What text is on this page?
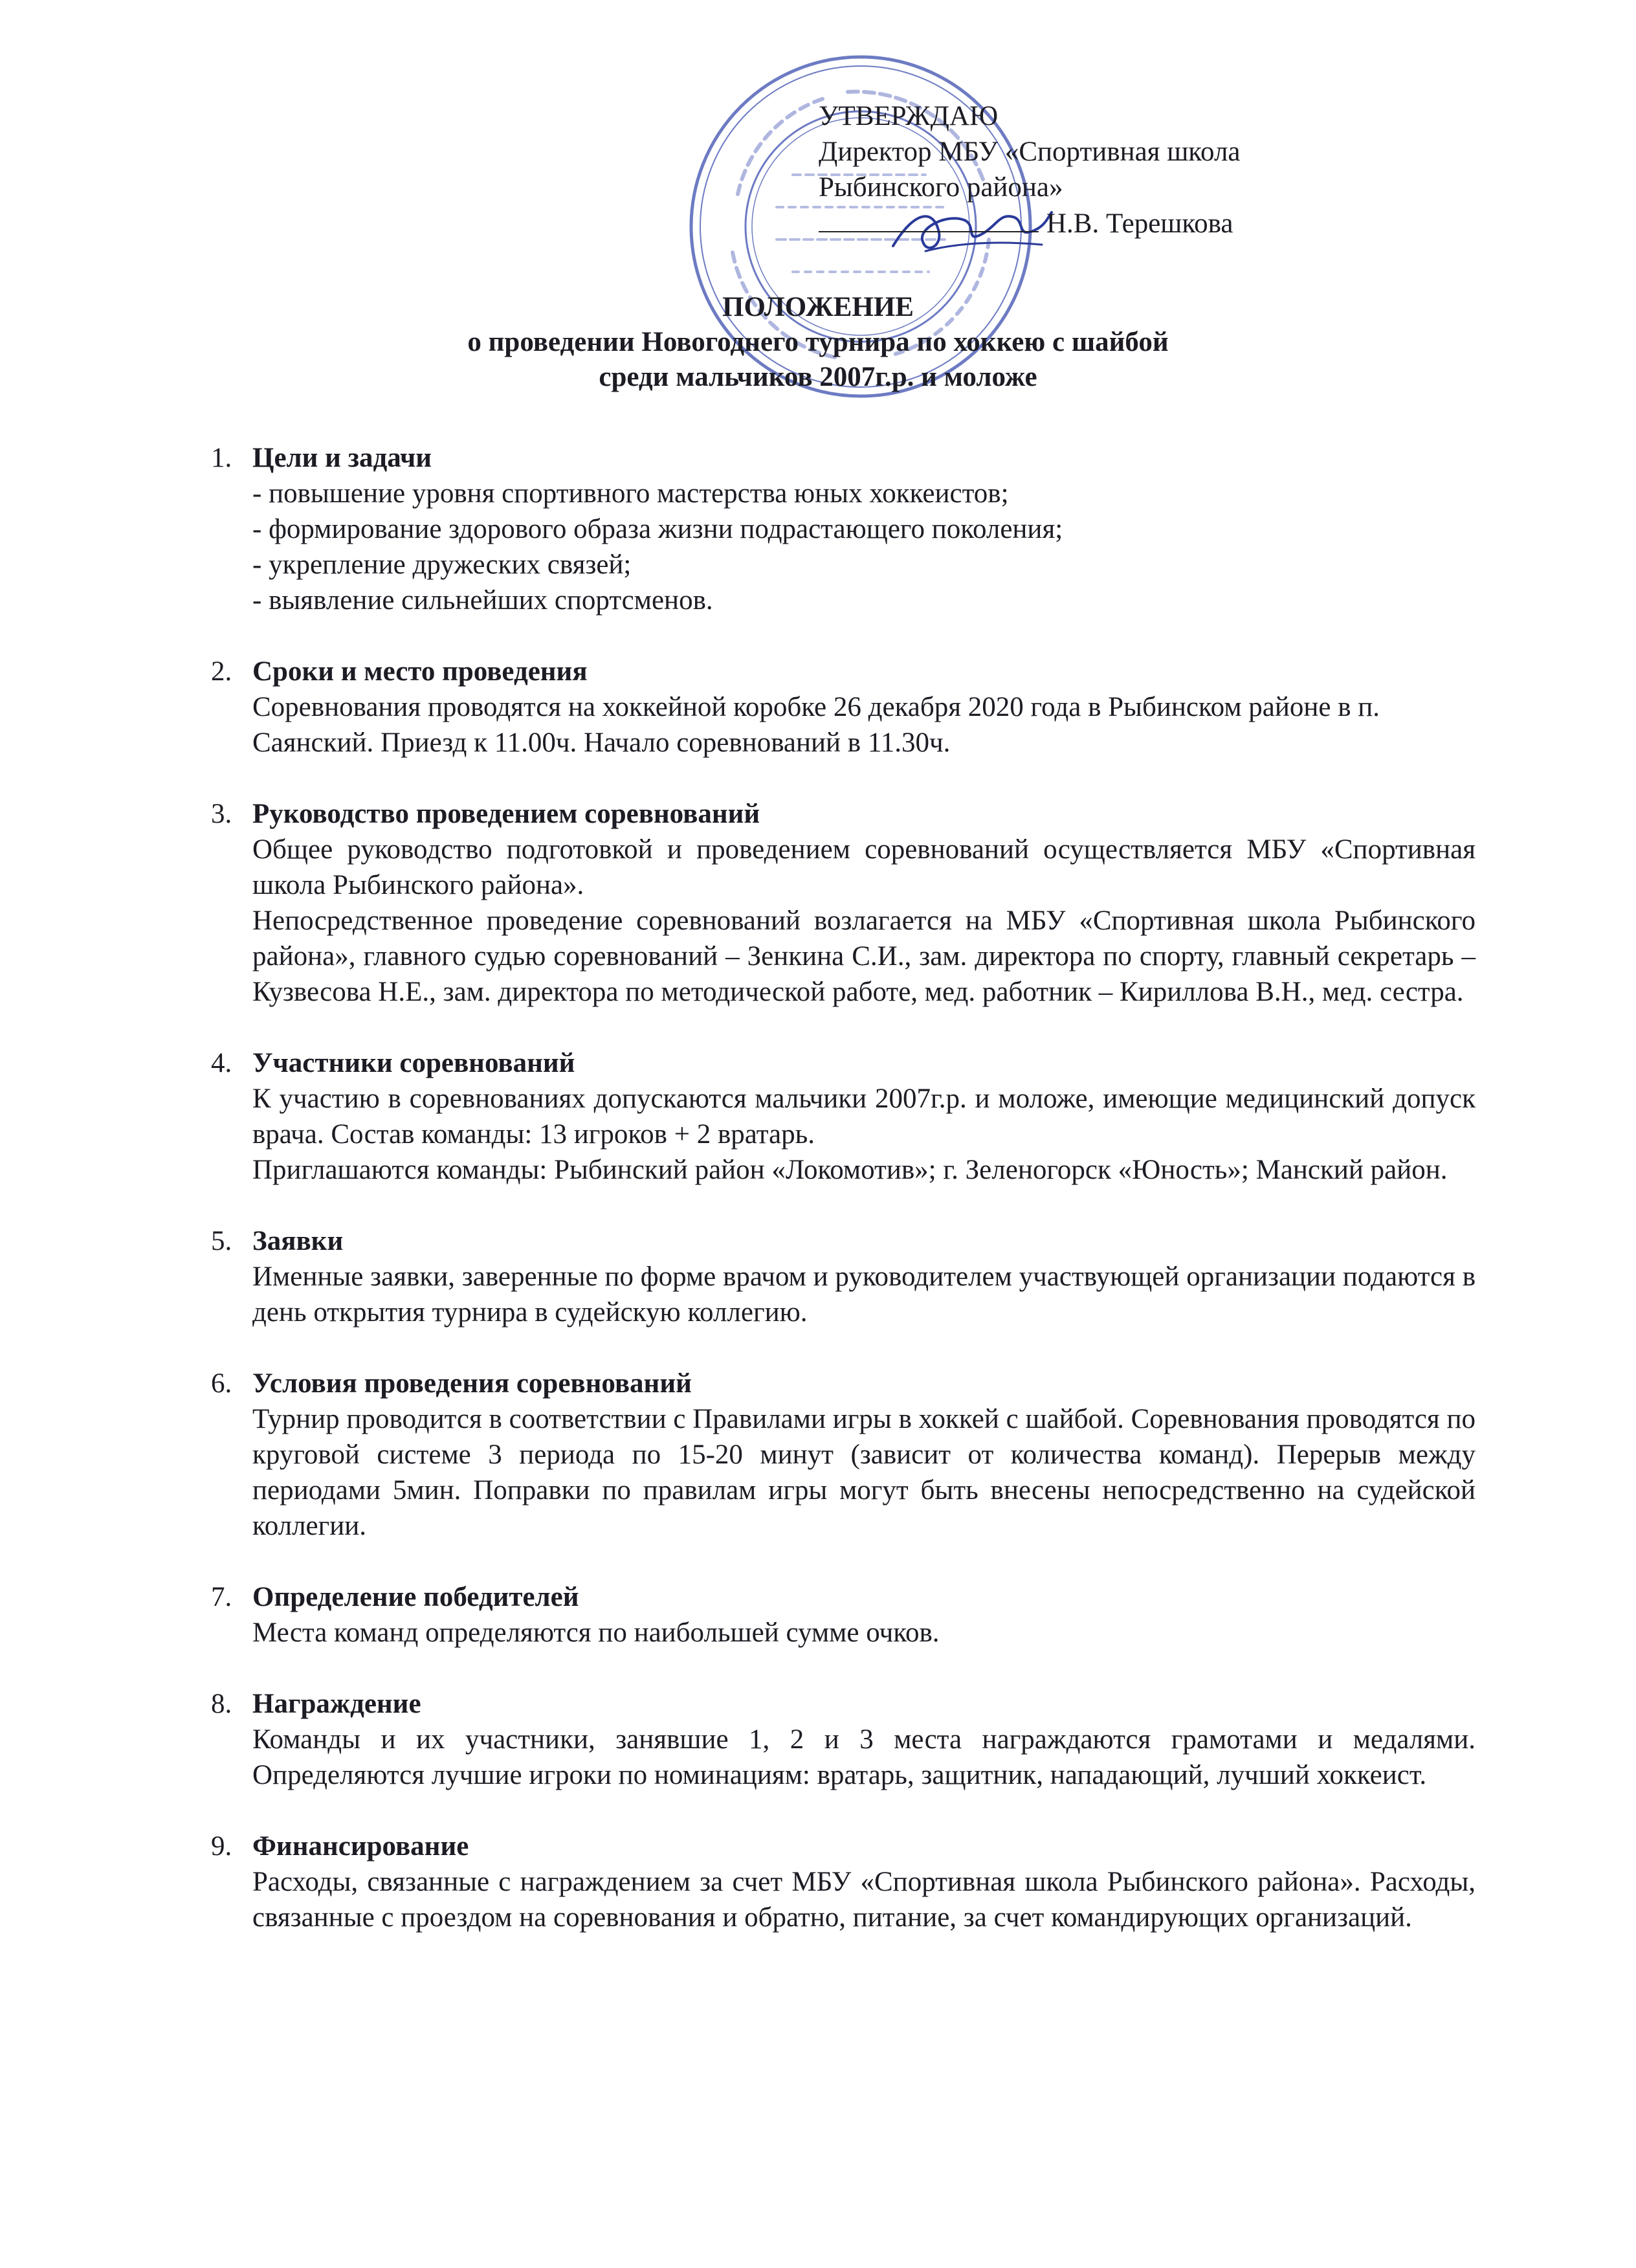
УТВЕРЖДАЮ
Директор МБУ «Спортивная школа
Рыбинского района»
Н.В. Терешкова
ПОЛОЖЕНИЕ
о проведении Новогоднего турнира по хоккею с шайбой
среди мальчиков 2007г.р. и моложе
1. Цели и задачи
- повышение уровня спортивного мастерства юных хоккеистов;
- формирование здорового образа жизни подрастающего поколения;
- укрепление дружеских связей;
- выявление сильнейших спортсменов.
2. Сроки и место проведения
Соревнования проводятся на хоккейной коробке 26 декабря 2020 года в Рыбинском районе в п. Саянский. Приезд к 11.00ч. Начало соревнований в 11.30ч.
3. Руководство проведением соревнований
Общее руководство подготовкой и проведением соревнований осуществляется МБУ «Спортивная школа Рыбинского района».
Непосредственное проведение соревнований возлагается на МБУ «Спортивная школа Рыбинского района», главного судью соревнований – Зенкина С.И., зам. директора по спорту, главный секретарь – Кузвесова Н.Е., зам. директора по методической работе, мед. работник – Кириллова В.Н., мед. сестра.
4. Участники соревнований
К участию в соревнованиях допускаются мальчики 2007г.р. и моложе, имеющие медицинский допуск врача. Состав команды: 13 игроков + 2 вратарь.
Приглашаются команды: Рыбинский район «Локомотив»; г. Зеленогорск «Юность»; Манский район.
5. Заявки
Именные заявки, заверенные по форме врачом и руководителем участвующей организации подаются в день открытия турнира в судейскую коллегию.
6. Условия проведения соревнований
Турнир проводится в соответствии с Правилами игры в хоккей с шайбой. Соревнования проводятся по круговой системе 3 периода по 15-20 минут (зависит от количества команд). Перерыв между периодами 5мин. Поправки по правилам игры могут быть внесены непосредственно на судейской коллегии.
7. Определение победителей
Места команд определяются по наибольшей сумме очков.
8. Награждение
Команды и их участники, занявшие 1, 2 и 3 места награждаются грамотами и медалями. Определяются лучшие игроки по номинациям: вратарь, защитник, нападающий, лучший хоккеист.
9. Финансирование
Расходы, связанные с награждением за счет МБУ «Спортивная школа Рыбинского района». Расходы, связанные с проездом на соревнования и обратно, питание, за счет командирующих организаций.
